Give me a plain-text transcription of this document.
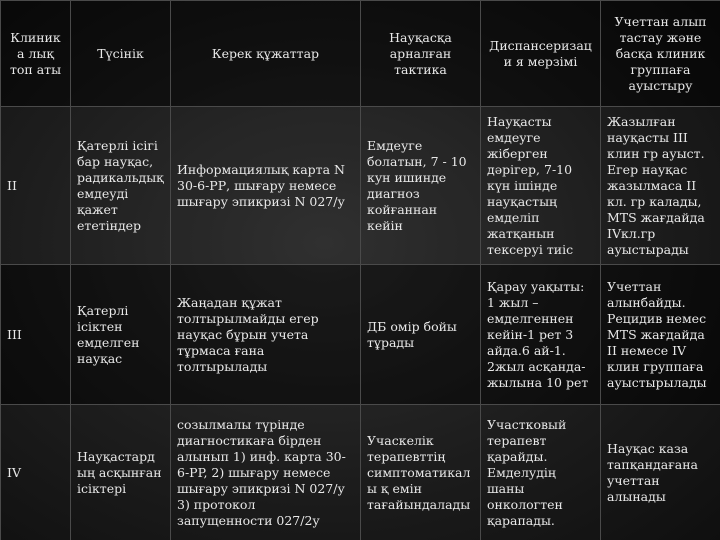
Клиника лық топ аты	Түсінік	Керек құжаттар	Науқасқа арналған тактика	Диспансеризаци я мерзімі	Учеттан алып тастау және басқа клиник группаға ауыстыру
II	Қатерлі ісігі бар науқас, радикальдық емдеуді қажет ететіндер	Информациялық карта N 30-6-РР, шығару немесе шығару эпикризі N 027/у	Емдеуге болатын, 7 - 10 кун ишинде диагноз койғаннан кейін	Науқасты емдеуге жіберген дәрігер, 7-10 күн ішінде науқастың емделіп жатқанын тексеруі тиіс	Жазылған науқасты III клин гр ауыст. Егер науқас жазылмаса II кл. гр калады, MTS жағдайда IVкл.гр ауыстырады
III	Қатерлі ісіктен емделген науқас	Жаңадан құжат толтырылмайды егер науқас бұрын учета тұрмаса ғана толтырылады	ДБ омір бойы тұрады	Қарау уақыты: 1 жыл – емделгеннен кейін-1 рет 3 айда.6 ай-1. 2жыл асқанда-жылына 10 рет	Учеттан алынбайды. Рецидив немес MTS жағдайда II немесе IV клин группаға ауыстырылады
IV	Науқастардың асқынған ісіктері	созылмалы түрінде диагностикаға бірден алынып 1) инф. карта 30-6-PP, 2) шығару немесе шығару эпикризі N 027/у 3) протокол запущенности 027/2у	Учаскелік терапевттің симптоматикалы қ емін тағайындалады	Участковый терапевт қарайды. Емделудің шаны онкологтен қарапады.	Науқас каза тапқандағана учеттан алынады
